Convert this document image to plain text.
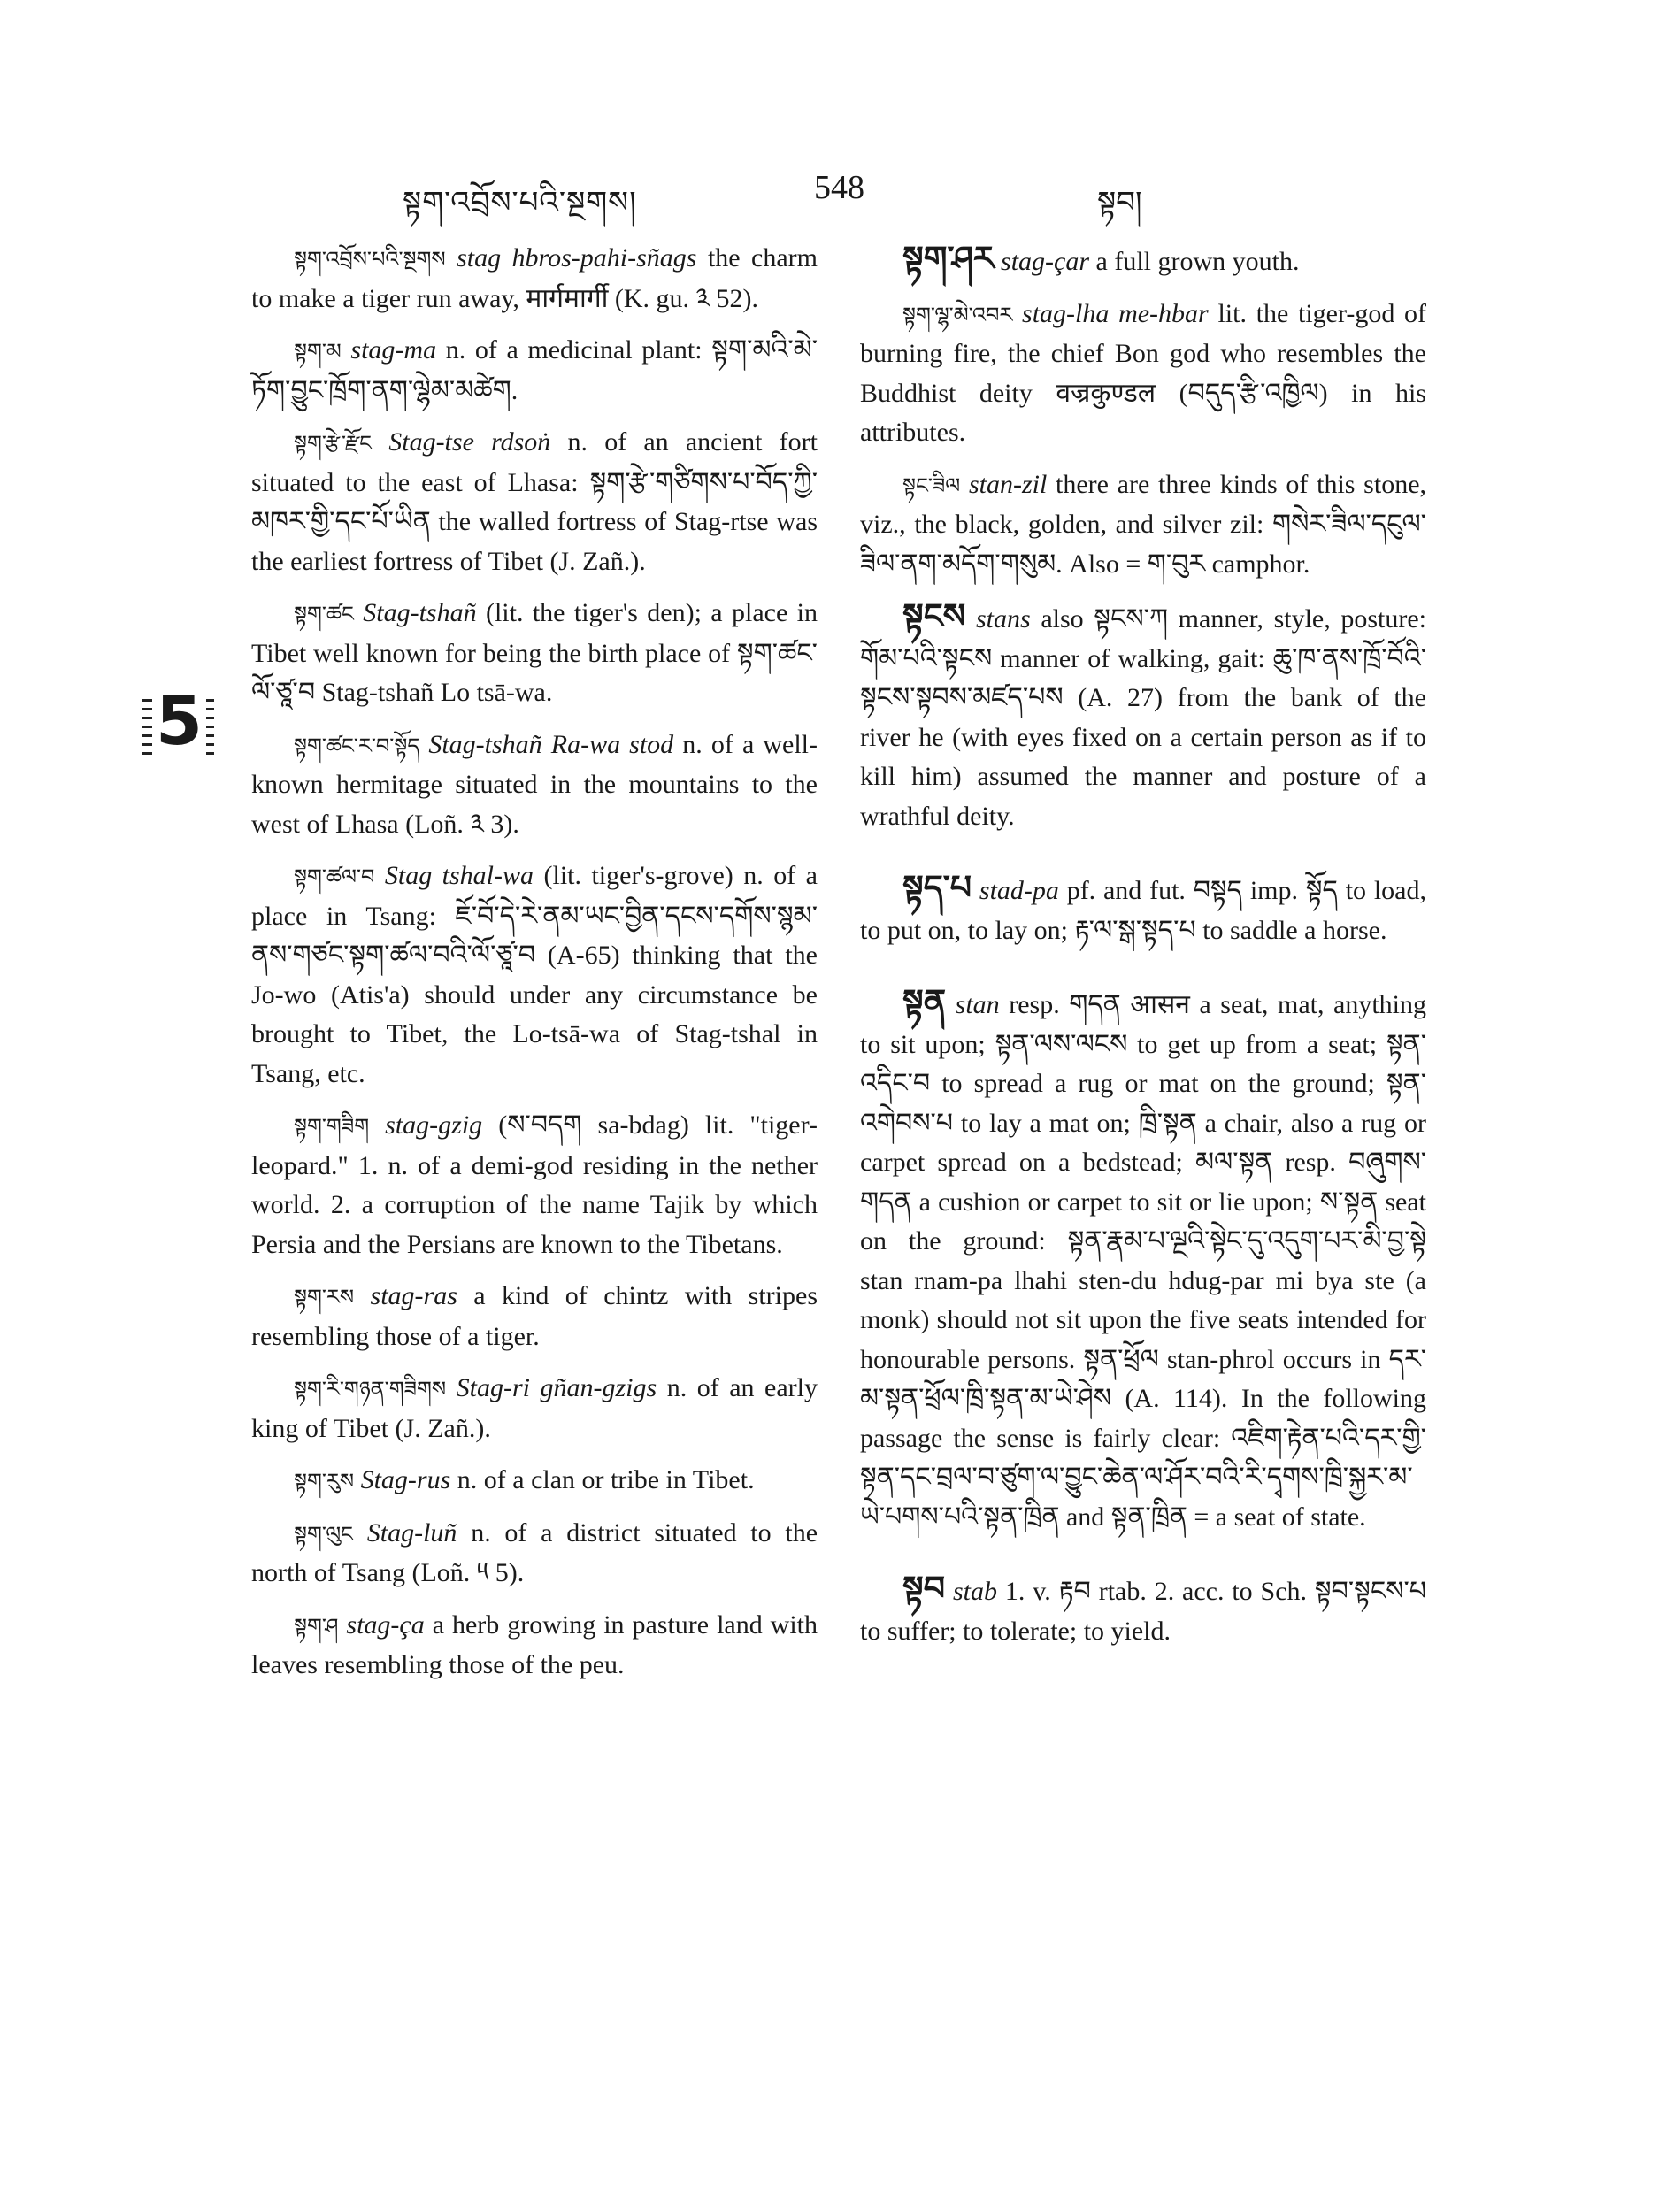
སྟག་འབྲོས་པའི་སྔགས།	548	སྟབ།
5

སྟག་འབྲོས་པའི་སྔགས stag hbros-pahi-sñags the charm to make a tiger run away, मार्गमार्गी (K. gu. ༣ 52).

སྟག་མ stag-ma n. of a medicinal plant: སྟག་མའི་མེ་ཏོག་བྱུང་ཁྲོག་ནག་ལྷེམ་མཚེག.

སྟག་རྩེ་རྫོང Stag-tse rdsoṅ n. of an ancient fort situated to the east of Lhasa: སྟག་རྩེ་གཙིགས་པ་བོད་ཀྱི་མཁར་གྱི་དང་པོ་ཡིན the walled fortress of Stag-rtse was the earliest fortress of Tibet (J. Zañ.).

སྟག་ཚང Stag-tshañ (lit. the tiger's den); a place in Tibet well known for being the birth place of སྟག་ཚང་ལོ་ཙཱ་བ Stag-tshañ Lo tsā-wa.

སྟག་ཚང་ར་བ་སྟོད Stag-tshañ Ra-wa stod n. of a well-known hermitage situated in the mountains to the west of Lhasa (Loñ. ༣ 3).

སྟག་ཚལ་བ Stag tshal-wa (lit. tiger's-grove) n. of a place in Tsang: ཇོ་བོ་དེ་རེ་ནམ་ཡང་བྱིན་དངས་དགོས་སྙམ་ནས་གཙང་སྟག་ཚལ་བའི་ལོ་ཙཱ་བ (A-65) thinking that the Jo-wo (Atis'a) should under any circumstance be brought to Tibet, the Lo-tsā-wa of Stag-tshal in Tsang, etc.

སྟག་གཟིག stag-gzig (ས་བདག sa-bdag) lit. "tiger-leopard." 1. n. of a demi-god residing in the nether world. 2. a corruption of the name Tajik by which Persia and the Persians are known to the Tibetans.

སྟག་རས stag-ras a kind of chintz with stripes resembling those of a tiger.

སྟག་རི་གཉན་གཟིགས Stag-ri gñan-gzigs n. of an early king of Tibet (J. Zañ.).

སྟག་རུས Stag-rus n. of a clan or tribe in Tibet.

སྟག་ལུང Stag-luñ n. of a district situated to the north of Tsang (Loñ. ༥ 5).

སྟག་ཤ stag-ça a herb growing in pasture land with leaves resembling those of the peu.

སྟག་ཤར stag-çar a full grown youth.

སྟག་ལྷ་མེ་འབར stag-lha me-hbar lit. the tiger-god of burning fire, the chief Bon god who resembles the Buddhist deity वज्रकुण्डल (བདུད་རྩི་འཁྱིལ) in his attributes.

སྟང་ཟིལ stan-zil there are three kinds of this stone, viz., the black, golden, and silver zil: གསེར་ཟིལ་དངུལ་ཟིལ་ནག་མདོག་གསུམ. Also = ག་བུར camphor.

སྟངས stans also སྟངས་ཀ manner, style, posture: གོམ་པའི་སྟངས manner of walking, gait: ཆུ་ཁ་ནས་ཁྲོ་བོའི་སྟངས་སྟབས་མཛད་པས (A. 27) from the bank of the river he (with eyes fixed on a certain person as if to kill him) assumed the manner and posture of a wrathful deity.

སྟད་པ stad-pa pf. and fut. བསྟད imp. སྟོད to load, to put on, to lay on; རྟ་ལ་སྒ་སྟད་པ to saddle a horse.

སྟན stan resp. གདན आसन a seat, mat, anything to sit upon; སྟན་ལས་ལངས to get up from a seat; སྟན་འདིང་བ to spread a rug or mat on the ground; སྟན་འགེབས་པ to lay a mat on; ཁྲི་སྟན a chair, also a rug or carpet spread on a bedstead; མལ་སྟན resp. བཞུགས་གདན a cushion or carpet to sit or lie upon; ས་སྟན seat on the ground: སྟན་རྣམ་པ་ལྔའི་སྟེང་དུ་འདུག་པར་མི་བྱ་སྟེ stan rnam-pa lhahi sten-du hdug-par mi bya ste (a monk) should not sit upon the five seats intended for honourable persons. སྟན་ཕྲོལ stan-phrol occurs in དར་མ་སྟན་ཕྲོལ་ཁྲི་སྟན་མ་ཡེ་ཤེས (A. 114). In the following passage the sense is fairly clear: འཇིག་རྟེན་པའི་དར་གྱི་སྟན་དང་བྲལ་བ་ཙུག་ལ་བྱུང་ཆེན་ལ་ཤོར་བའི་རི་དྭགས་ཁྲི་སྐྱར་མ་ཡེ་པགས་པའི་སྟན་ཁྲིན and སྟན་ཁྲིན = a seat of state.

སྟབ stab 1. v. རྟབ rtab. 2. acc. to Sch. སྟབ་སྟངས་པ to suffer; to tolerate; to yield.
